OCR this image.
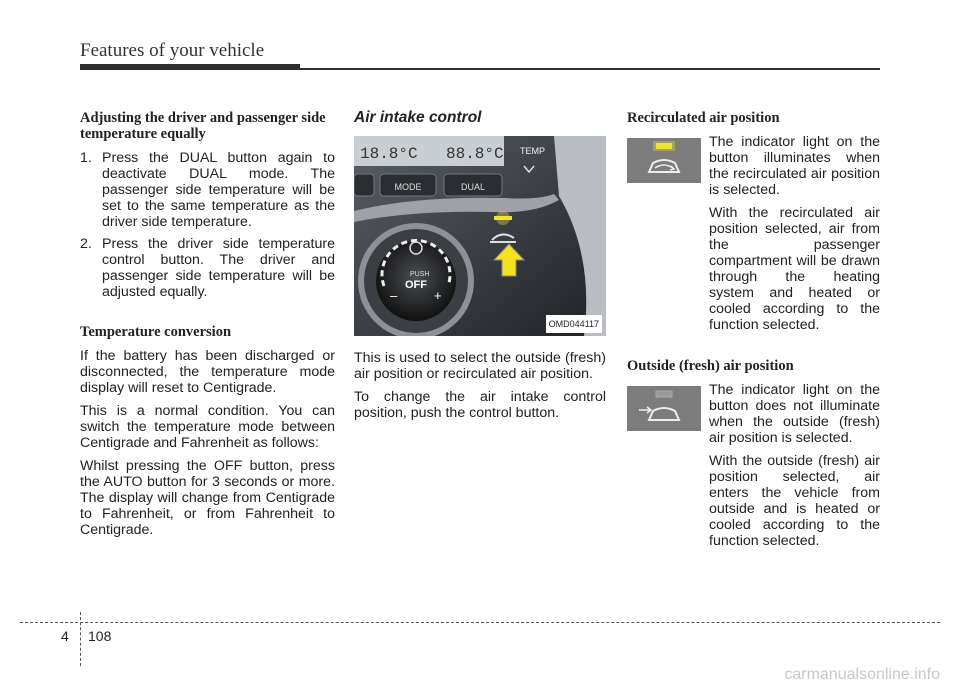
Features of your vehicle
Adjusting the driver and passenger side temperature equally
1. Press the DUAL button again to deactivate DUAL mode. The passenger side temperature will be set to the same temperature as the driver side temperature.
2. Press the driver side temperature control button. The driver and passenger side temperature will be adjusted equally.
Temperature conversion

If the battery has been discharged or disconnected, the temperature mode display will reset to Centigrade.

This is a normal condition. You can switch the temperature mode between Centigrade and Fahrenheit as follows:

Whilst pressing the OFF button, press the AUTO button for 3 seconds or more. The display will change from Centigrade to Fahrenheit, or from Fahrenheit to Centigrade.

Air intake control
18.8°C 88.8°C
MODE	DUAL
TEMP
PUSH
OFF
–	+
OMD044117

This is used to select the outside (fresh) air position or recirculated air position.

To change the air intake control position, push the control button.

Recirculated air position

The indicator light on the button illuminates when the recirculated air position is selected.

With the recirculated air position selected, air from the passenger compartment will be drawn through the heating system and heated or cooled according to the function selected.

Outside (fresh) air position

The indicator light on the button does not illuminate when the outside (fresh) air position is selected.

With the outside (fresh) air position selected, air enters the vehicle from outside and is heated or cooled according to the function selected.

4 108
carmanualsonline.info
